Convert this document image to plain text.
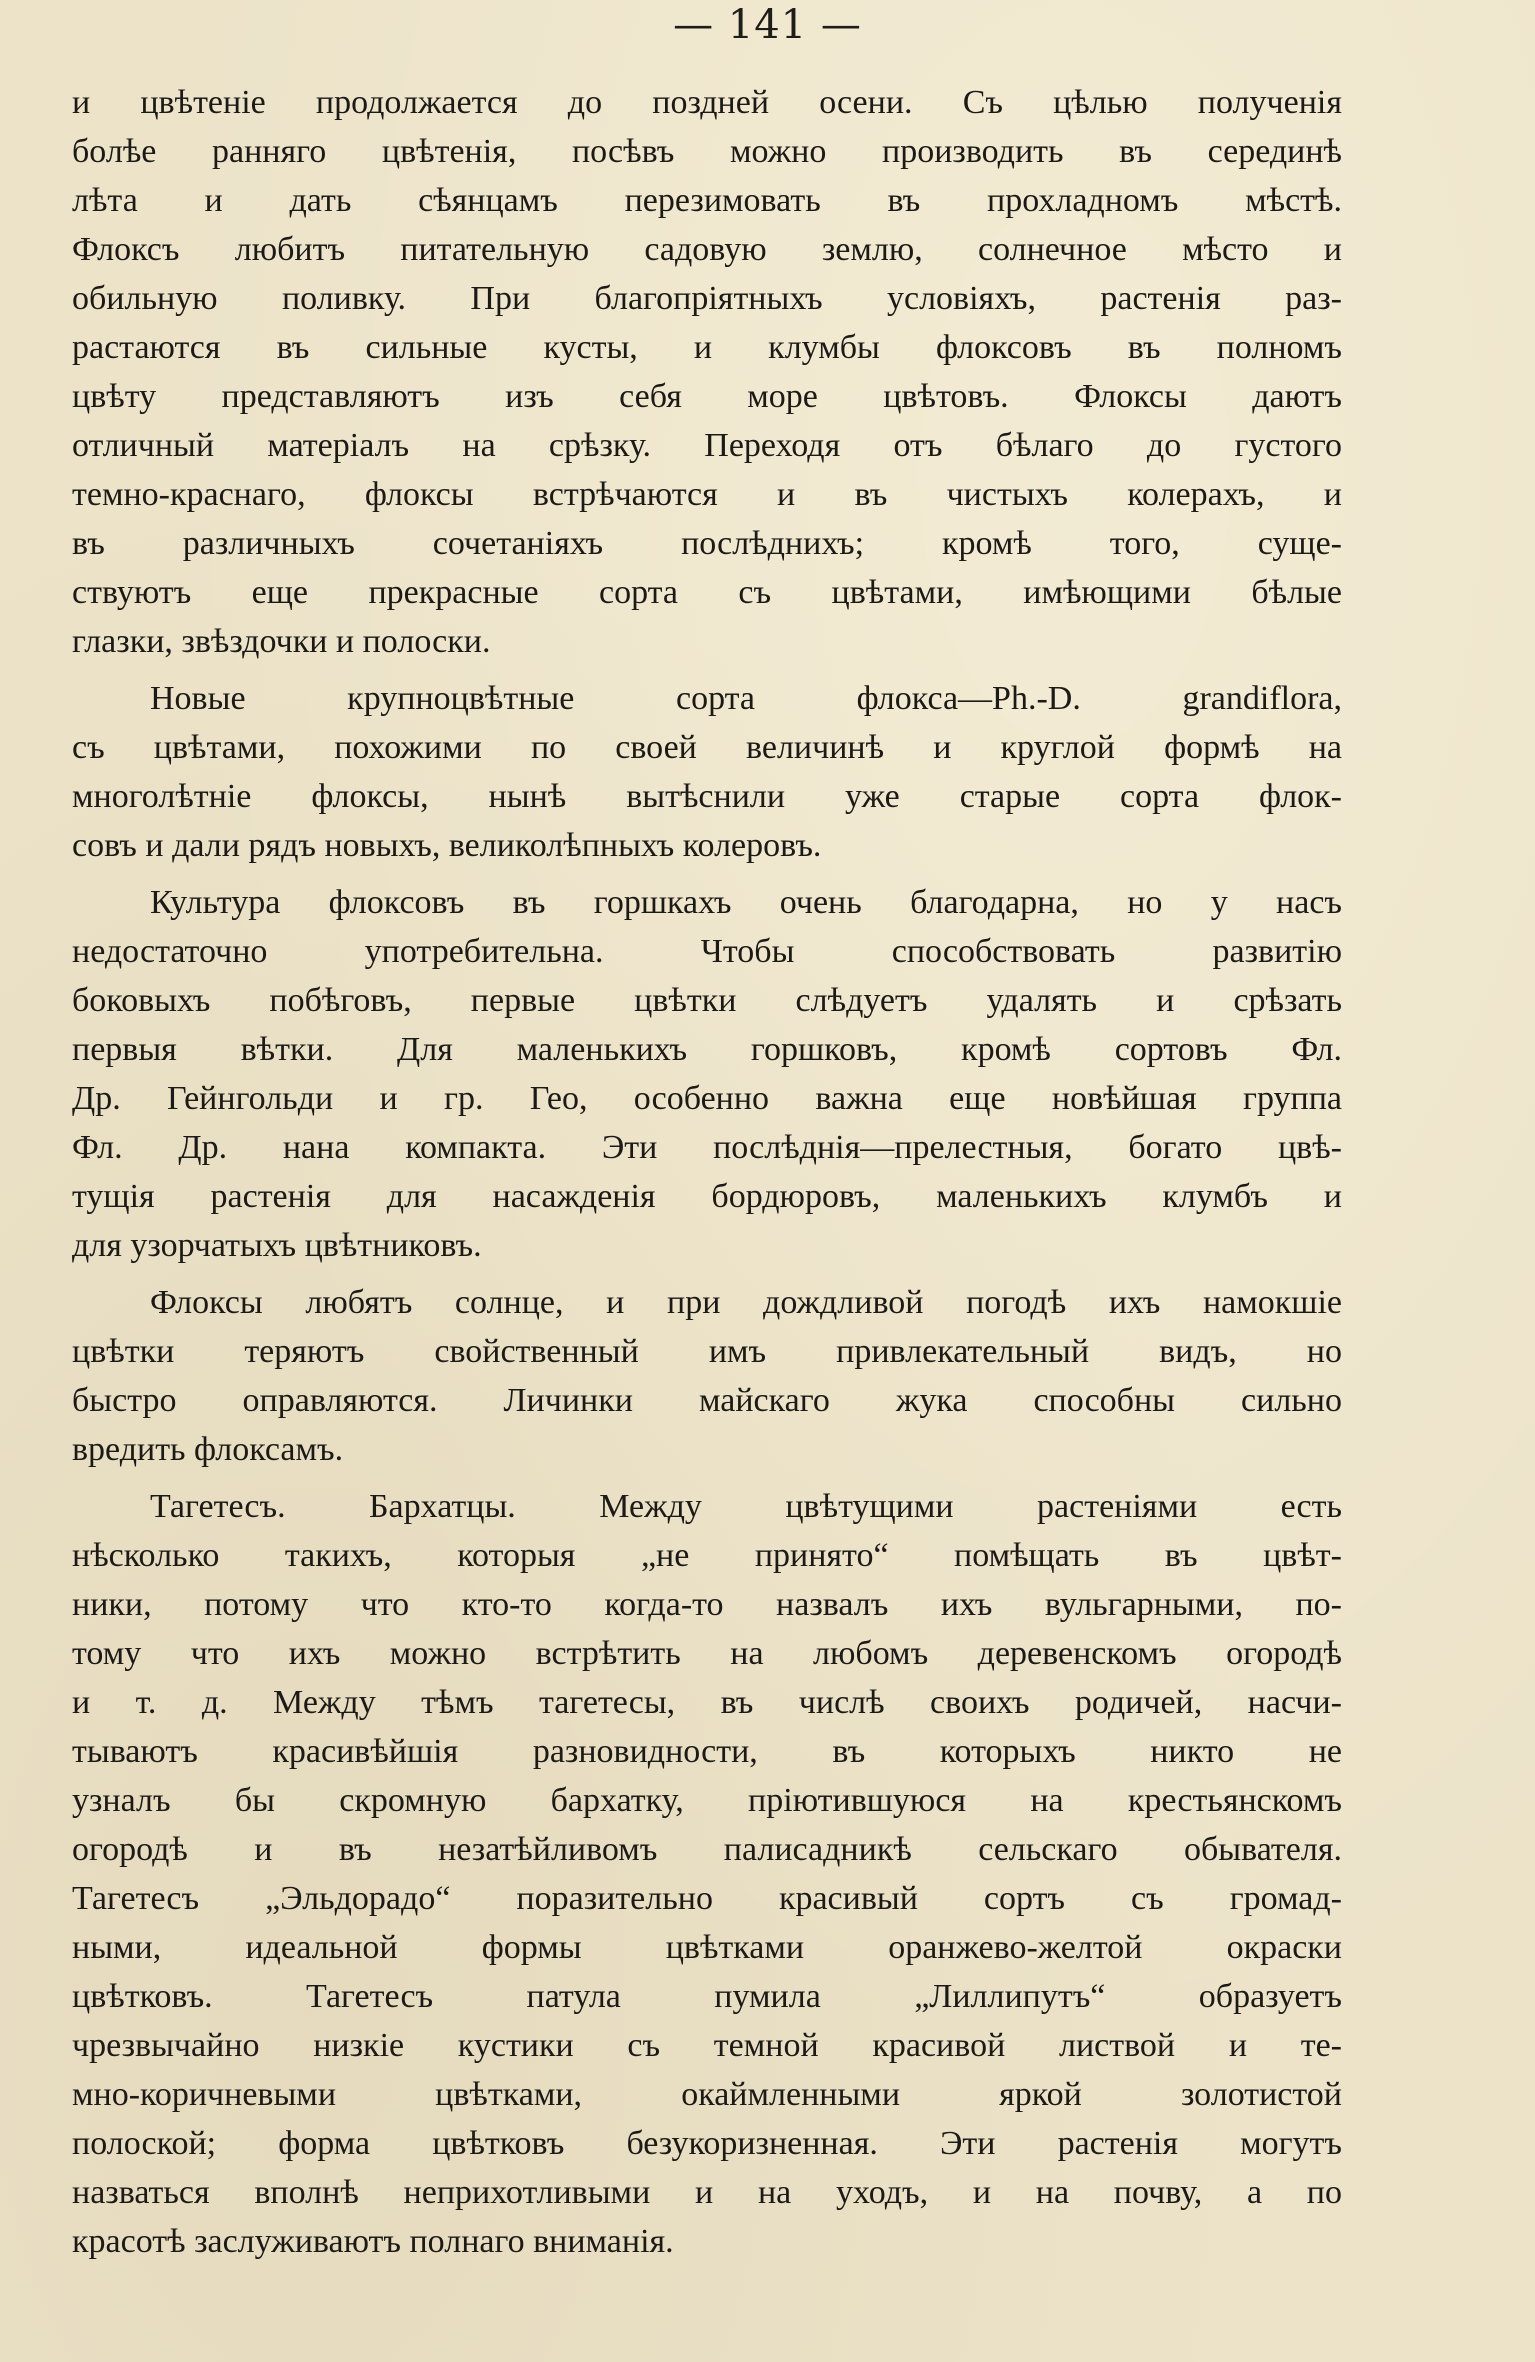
— 141 —

и цвѣтеніе продолжается до поздней осени. Съ цѣлью полученія
болѣе ранняго цвѣтенія, посѣвъ можно производить въ серединѣ
лѣта и дать сѣянцамъ перезимовать въ прохладномъ мѣстѣ.
Флоксъ любитъ питательную садовую землю, солнечное мѣсто и
обильную поливку. При благопріятныхъ условіяхъ, растенія раз-
растаются въ сильные кусты, и клумбы флоксовъ въ полномъ
цвѣту представляютъ изъ себя море цвѣтовъ. Флоксы даютъ
отличный матеріалъ на срѣзку. Переходя отъ бѣлаго до густого
темно-краснаго, флоксы встрѣчаются и въ чистыхъ колерахъ, и
въ различныхъ сочетаніяхъ послѣднихъ; кромѣ того, суще-
ствуютъ еще прекрасные сорта съ цвѣтами, имѣющими бѣлые
глазки, звѣздочки и полоски.

Новые крупноцвѣтные сорта флокса—Ph.-D. grandiflora,
съ цвѣтами, похожими по своей величинѣ и круглой формѣ на
многолѣтніе флоксы, нынѣ вытѣснили уже старые сорта флок-
совъ и дали рядъ новыхъ, великолѣпныхъ колеровъ.

Культура флоксовъ въ горшкахъ очень благодарна, но у насъ
недостаточно употребительна. Чтобы способствовать развитію
боковыхъ побѣговъ, первые цвѣтки слѣдуетъ удалять и срѣзать
первыя вѣтки. Для маленькихъ горшковъ, кромѣ сортовъ Фл.
Др. Гейнгольди и гр. Гео, особенно важна еще новѣйшая группа
Фл. Др. нана компакта. Эти послѣднія—прелестныя, богато цвѣ-
тущія растенія для насажденія бордюровъ, маленькихъ клумбъ и
для узорчатыхъ цвѣтниковъ.

Флоксы любятъ солнце, и при дождливой погодѣ ихъ намокшіе
цвѣтки теряютъ свойственный имъ привлекательный видъ, но
быстро оправляются. Личинки майскаго жука способны сильно
вредить флоксамъ.

Тагетесъ. Бархатцы. Между цвѣтущими растеніями есть
нѣсколько такихъ, которыя „не принято“ помѣщать въ цвѣт-
ники, потому что кто-то когда-то назвалъ ихъ вульгарными, по-
тому что ихъ можно встрѣтить на любомъ деревенскомъ огородѣ
и т. д. Между тѣмъ тагетесы, въ числѣ своихъ родичей, насчи-
тываютъ красивѣйшія разновидности, въ которыхъ никто не
узналъ бы скромную бархатку, пріютившуюся на крестьянскомъ
огородѣ и въ незатѣйливомъ палисадникѣ сельскаго обывателя.
Тагетесъ „Эльдорадо“ поразительно красивый сортъ съ громад-
ными, идеальной формы цвѣтками оранжево-желтой окраски
цвѣтковъ. Тагетесъ патула пумила „Лиллипутъ“ образуетъ
чрезвычайно низкіе кустики съ темной красивой листвой и те-
мно-коричневыми цвѣтками, окаймленными яркой золотистой
полоской; форма цвѣтковъ безукоризненная. Эти растенія могутъ
назваться вполнѣ неприхотливыми и на уходъ, и на почву, а по
красотѣ заслуживаютъ полнаго вниманія.
